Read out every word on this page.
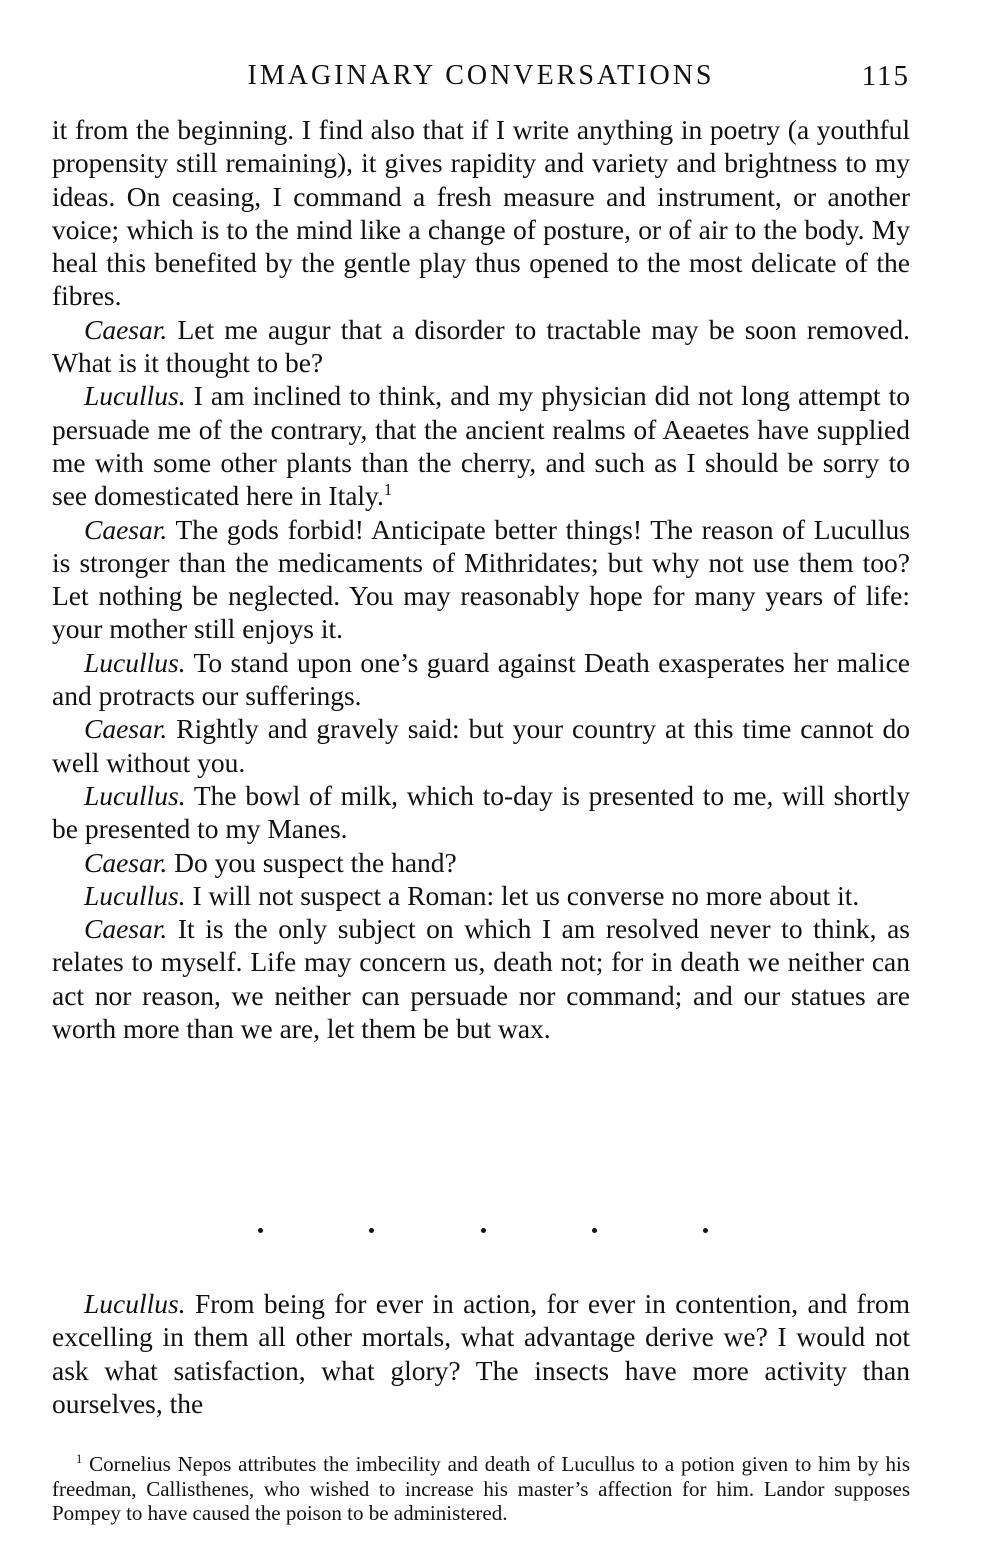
IMAGINARY CONVERSATIONS	115

it from the beginning. I find also that if I write anything in poetry (a youthful propensity still remaining), it gives rapidity and variety and brightness to my ideas. On ceasing, I command a fresh measure and instrument, or another voice; which is to the mind like a change of posture, or of air to the body. My heal this benefited by the gentle play thus opened to the most delicate of the fibres.

Caesar. Let me augur that a disorder to tractable may be soon removed. What is it thought to be?

Lucullus. I am inclined to think, and my physician did not long attempt to persuade me of the contrary, that the ancient realms of Aeaetes have supplied me with some other plants than the cherry, and such as I should be sorry to see domesticated here in Italy.$^1$

Caesar. The gods forbid! Anticipate better things! The reason of Lucullus is stronger than the medicaments of Mithridates; but why not use them too? Let nothing be neglected. You may reasonably hope for many years of life: your mother still enjoys it.

Lucullus. To stand upon one’s guard against Death exasperates her malice and protracts our sufferings.

Caesar. Rightly and gravely said: but your country at this time cannot do well without you.

Lucullus. The bowl of milk, which to-day is presented to me, will shortly be presented to my Manes.

Caesar. Do you suspect the hand?

Lucullus. I will not suspect a Roman: let us converse no more about it.

Caesar. It is the only subject on which I am resolved never to think, as relates to myself. Life may concern us, death not; for in death we neither can act nor reason, we neither can persuade nor command; and our statues are worth more than we are, let them be but wax.

Lucullus. From being for ever in action, for ever in contention, and from excelling in them all other mortals, what advantage derive we? I would not ask what satisfaction, what glory? The insects have more activity than ourselves, the

$^1$ Cornelius Nepos attributes the imbecility and death of Lucullus to a potion given to him by his freedman, Callisthenes, who wished to increase his master’s affection for him. Landor supposes Pompey to have caused the poison to be administered.
